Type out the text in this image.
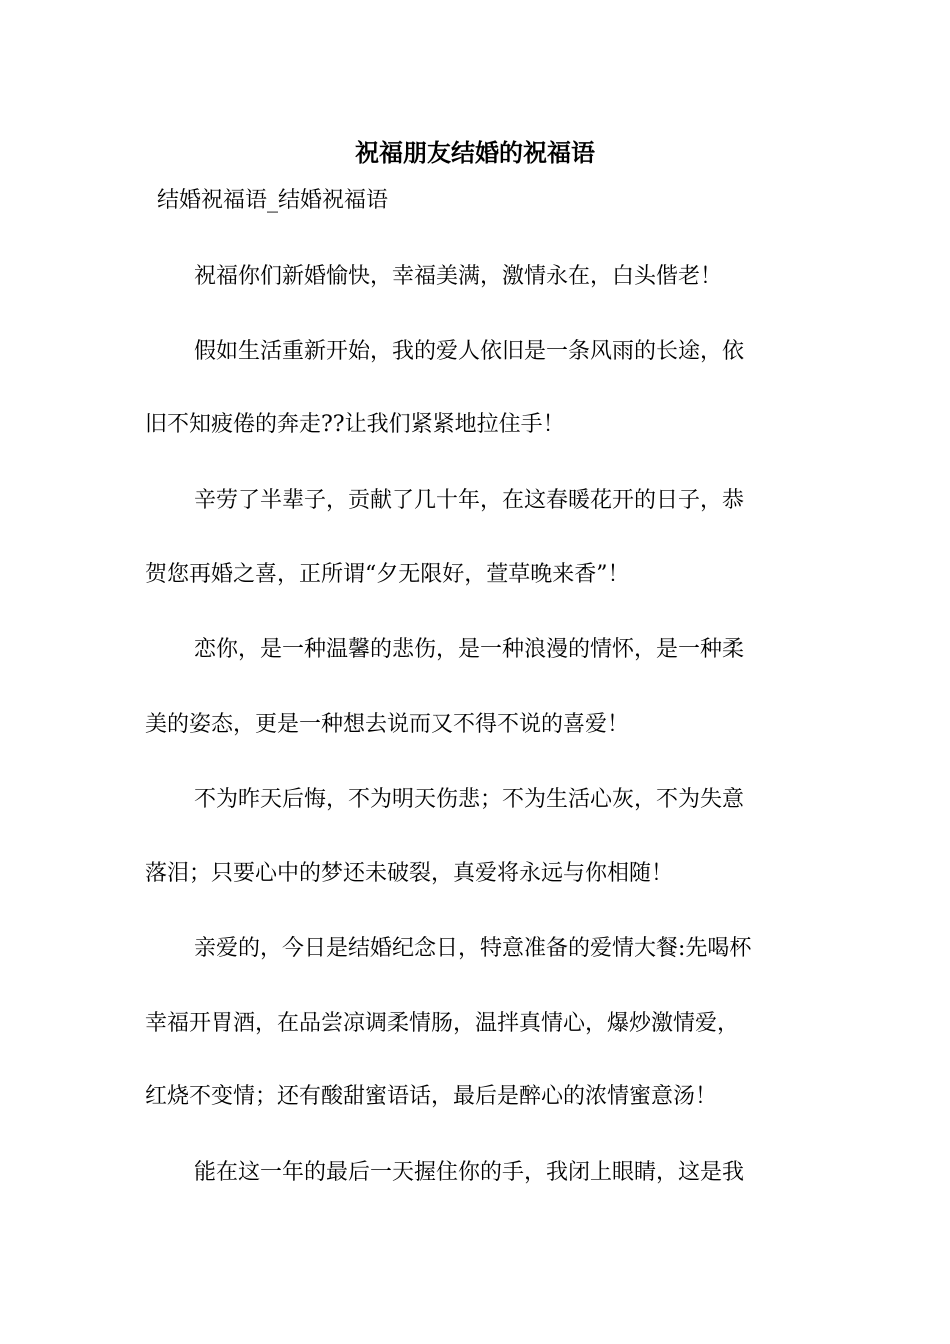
祝福朋友结婚的祝福语
结婚祝福语_结婚祝福语
祝福你们新婚愉快，幸福美满，激情永在，白头偕老！
假如生活重新开始，我的爱人依旧是一条风雨的长途，依
旧不知疲倦的奔走??让我们紧紧地拉住手！
辛劳了半辈子，贡献了几十年，在这春暖花开的日子，恭
贺您再婚之喜，正所谓“夕无限好，萱草晚来香”！
恋你，是一种温馨的悲伤，是一种浪漫的情怀，是一种柔
美的姿态，更是一种想去说而又不得不说的喜爱！
不为昨天后悔，不为明天伤悲；不为生活心灰，不为失意
落泪；只要心中的梦还未破裂，真爱将永远与你相随！
亲爱的，今日是结婚纪念日，特意准备的爱情大餐:先喝杯
幸福开胃酒，在品尝凉调柔情肠，温拌真情心，爆炒激情爱，
红烧不变情；还有酸甜蜜语话，最后是醉心的浓情蜜意汤！
能在这一年的最后一天握住你的手，我闭上眼睛，这是我
